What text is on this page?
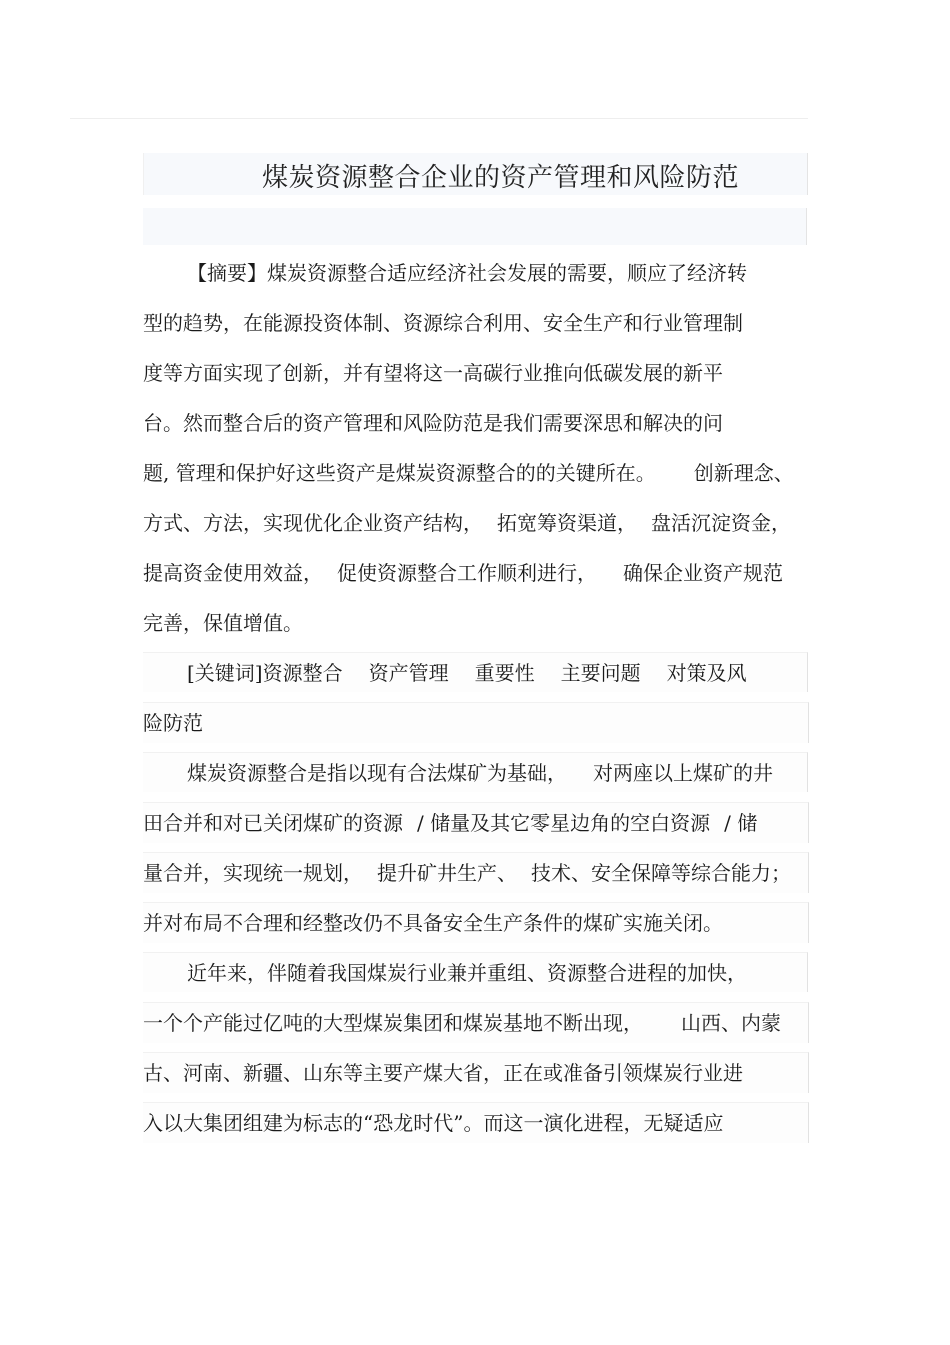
煤炭资源整合企业的资产管理和风险防范
【摘要】煤炭资源整合适应经济社会发展的需要，顺应了经济转
型的趋势，在能源投资体制、资源综合利用、安全生产和行业管理制
度等方面实现了创新，并有望将这一高碳行业推向低碳发展的新平
台。然而整合后的资产管理和风险防范是我们需要深思和解决的问
题, 管理和保护好这些资产是煤炭资源整合的的关键所在。 创新理念、
方式、方法，实现优化企业资产结构， 拓宽筹资渠道， 盘活沉淀资金，
提高资金使用效益， 促使资源整合工作顺利进行， 确保企业资产规范
完善，保值增值。
[关键词]资源整合 资产管理 重要性 主要问题 对策及风
险防范
煤炭资源整合是指以现有合法煤矿为基础， 对两座以上煤矿的井
田合并和对已关闭煤矿的资源 / 储量及其它零星边角的空白资源 / 储
量合并，实现统一规划， 提升矿井生产、 技术、安全保障等综合能力；
并对布局不合理和经整改仍不具备安全生产条件的煤矿实施关闭。
近年来，伴随着我国煤炭行业兼并重组、资源整合进程的加快，
一个个产能过亿吨的大型煤炭集团和煤炭基地不断出现， 山西、内蒙
古、河南、新疆、山东等主要产煤大省，正在或准备引领煤炭行业进
入以大集团组建为标志的“恐龙时代”。而这一演化进程，无疑适应
